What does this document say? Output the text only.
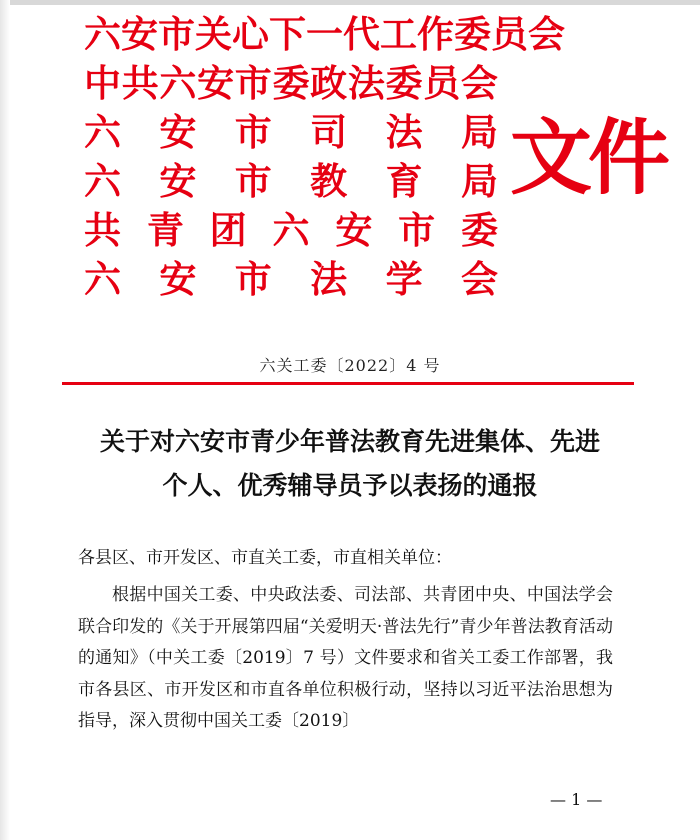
六 安 市 关 心 下 一 代 工 作 委 员 会
中 共 六 安 市 委 政 法 委 员 会
六 安 市 司 法 局
六 安 市 教 育 局
共 青 团 六 安 市 委
六 安 市 法 学 会
文件
六关工委〔2022〕4 号
关于对六安市青少年普法教育先进集体、先进
个人、优秀辅导员予以表扬的通报
各县区、市开发区、市直关工委，市直相关单位：
根据中国关工委、中央政法委、司法部、共青团中央、中国法学会联合印发的《关于开展第四届“关爱明天·普法先行”青少年普法教育活动的通知》（中关工委〔2019〕7 号）文件要求和省关工委工作部署，我市各县区、市开发区和市直各单位积极行动，坚持以习近平法治思想为指导，深入贯彻中国关工委〔2019〕
— 1 —
